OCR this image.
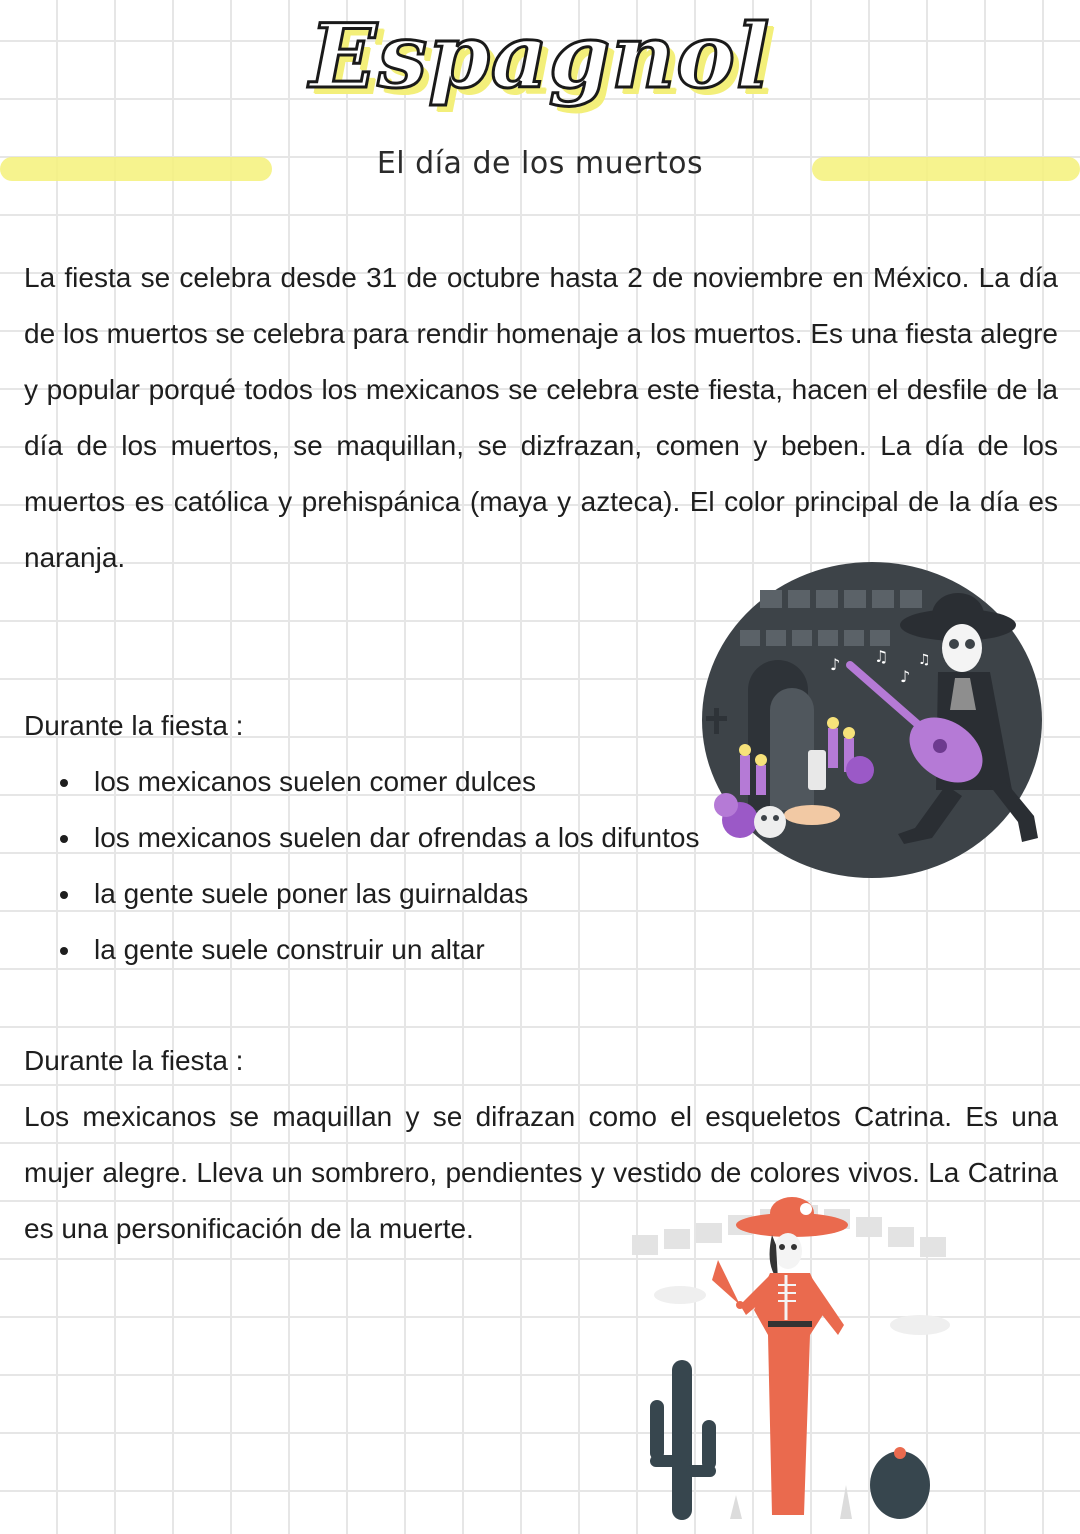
Espagnol
El día de los muertos
La fiesta se celebra desde 31 de octubre hasta 2 de noviembre en México. La día de los muertos se celebra para rendir homenaje a los muertos. Es una fiesta alegre y popular porqué todos los mexicanos se celebra este fiesta, hacen el desfile de la día de los muertos, se maquillan, se dizfrazan, comen y beben. La día de los muertos es católica y prehispánica (maya y azteca). El color principal de la día es naranja.
Durante la fiesta :
los mexicanos suelen comer dulces
los mexicanos suelen dar ofrendas a los difuntos
la gente suele poner las guirnaldas
la gente suele construir un altar
Durante la fiesta :
Los mexicanos se maquillan y se difrazan como el esqueletos Catrina. Es una mujer alegre. Lleva un sombrero, pendientes y vestido de colores vivos. La Catrina es una personificación de la muerte.
♪ ♫
♪
♫
